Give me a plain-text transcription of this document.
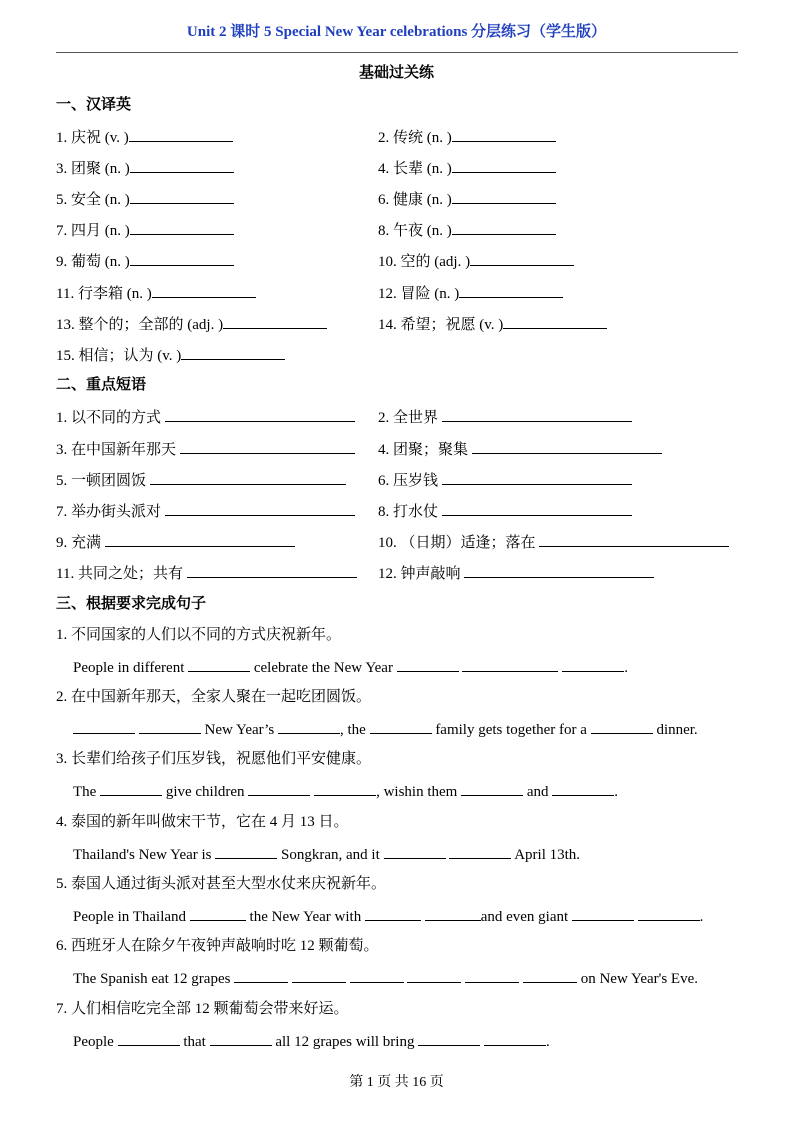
Unit 2 课时 5 Special New Year celebrations 分层练习（学生版）
基础过关练
一、汉译英
1. 庆祝 (v. )	2. 传统 (n. )
3. 团聚 (n. )	4. 长辈 (n. )
5. 安全 (n. )	6. 健康 (n. )
7. 四月 (n. )	8. 午夜 (n. )
9. 葡萄 (n. )	10. 空的 (adj. )
11. 行李箱 (n. )	12. 冒险 (n. )
13. 整个的；全部的 (adj. )	14. 希望；祝愿 (v. )
15. 相信；认为 (v. )
二、重点短语
1. 以不同的方式	2. 全世界
3. 在中国新年那天	4. 团聚；聚集
5. 一顿团圆饭	6. 压岁钱
7. 举办街头派对	8. 打水仗
9. 充满	10. （日期）适逢；落在
11. 共同之处；共有	12. 钟声敲响
三、根据要求完成句子
1. 不同国家的人们以不同的方式庆祝新年。
People in different	celebrate the New Year	.
2. 在中国新年那天，全家人聚在一起吃团圆饭。
New Year’s	, the	family gets together for a	dinner.
3. 长辈们给孩子们压岁钱，祝愿他们平安健康。
The	give children	, wishin them	and	.
4. 泰国的新年叫做宋干节，它在 4 月 13 日。
Thailand's New Year is	Songkran, and it	April 13th.
5. 泰国人通过街头派对甚至大型水仗来庆祝新年。
People in Thailand	the New Year with	and even giant	.
6. 西班牙人在除夕午夜钟声敲响时吃 12 颗葡萄。
The Spanish eat 12 grapes	on New Year's Eve.
7. 人们相信吃完全部 12 颗葡萄会带来好运。
People	that	all 12 grapes will bring	.
第 1 页 共 16 页
